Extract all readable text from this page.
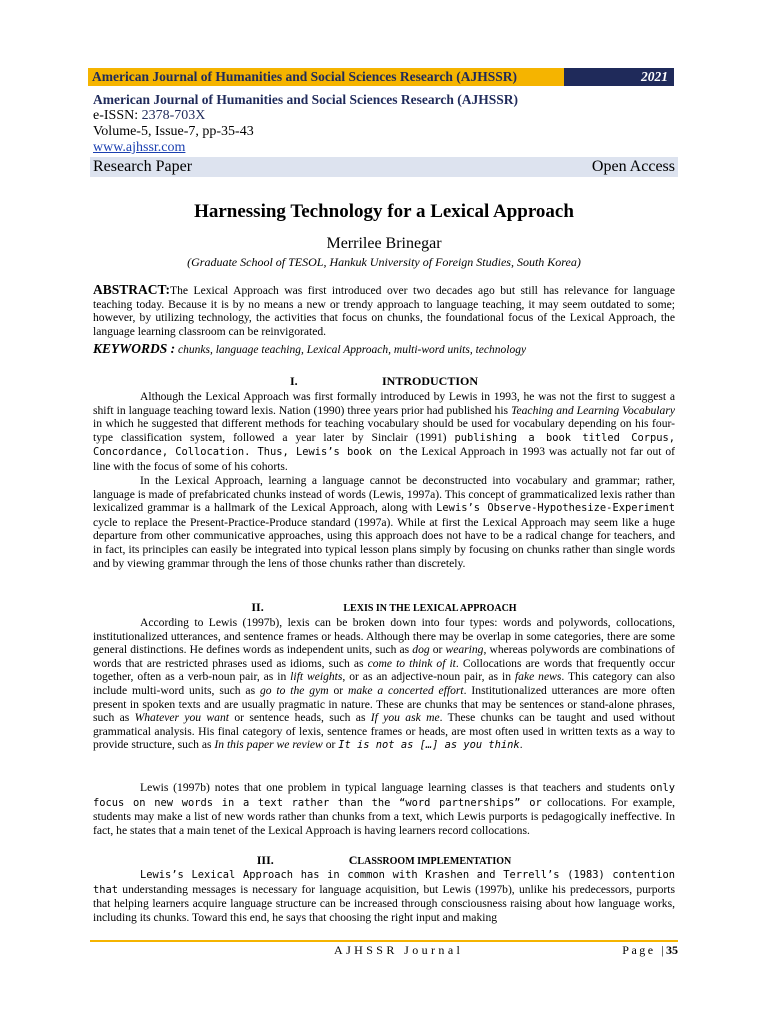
American Journal of Humanities and Social Sciences Research (AJHSSR)	2021
American Journal of Humanities and Social Sciences Research (AJHSSR)
e-ISSN: 2378-703X
Volume-5, Issue-7, pp-35-43
www.ajhssr.com
Research Paper	Open Access
Harnessing Technology for a Lexical Approach
Merrilee Brinegar
(Graduate School of TESOL, Hankuk University of Foreign Studies, South Korea)
ABSTRACT:The Lexical Approach was first introduced over two decades ago but still has relevance for language teaching today. Because it is by no means a new or trendy approach to language teaching, it may seem outdated to some; however, by utilizing technology, the activities that focus on chunks, the foundational focus of the Lexical Approach, the language learning classroom can be reinvigorated.
KEYWORDS : chunks, language teaching, Lexical Approach, multi-word units, technology
I.	INTRODUCTION
Although the Lexical Approach was first formally introduced by Lewis in 1993, he was not the first to suggest a shift in language teaching toward lexis. Nation (1990) three years prior had published his Teaching and Learning Vocabulary in which he suggested that different methods for teaching vocabulary should be used for vocabulary depending on his four-type classification system, followed a year later by Sinclair (1991) publishing a book titled Corpus, Concordance, Collocation. Thus, Lewis’s book on the Lexical Approach in 1993 was actually not far out of line with the focus of some of his cohorts.
In the Lexical Approach, learning a language cannot be deconstructed into vocabulary and grammar; rather, language is made of prefabricated chunks instead of words (Lewis, 1997a). This concept of grammaticalized lexis rather than lexicalized grammar is a hallmark of the Lexical Approach, along with Lewis’s Observe-Hypothesize-Experiment cycle to replace the Present-Practice-Produce standard (1997a). While at first the Lexical Approach may seem like a huge departure from other communicative approaches, using this approach does not have to be a radical change for teachers, and in fact, its principles can easily be integrated into typical lesson plans simply by focusing on chunks rather than single words and by viewing grammar through the lens of those chunks rather than discretely.
II.	LEXIS IN THE LEXICAL APPROACH
According to Lewis (1997b), lexis can be broken down into four types: words and polywords, collocations, institutionalized utterances, and sentence frames or heads. Although there may be overlap in some categories, there are some general distinctions. He defines words as independent units, such as dog or wearing, whereas polywords are combinations of words that are restricted phrases used as idioms, such as come to think of it. Collocations are words that frequently occur together, often as a verb-noun pair, as in lift weights, or as an adjective-noun pair, as in fake news. This category can also include multi-word units, such as go to the gym or make a concerted effort. Institutionalized utterances are more often present in spoken texts and are usually pragmatic in nature. These are chunks that may be sentences or stand-alone phrases, such as Whatever you want or sentence heads, such as If you ask me. These chunks can be taught and used without grammatical analysis. His final category of lexis, sentence frames or heads, are most often used in written texts as a way to provide structure, such as In this paper we review or It is not as […] as you think.
Lewis (1997b) notes that one problem in typical language learning classes is that teachers and students only focus on new words in a text rather than the “word partnerships” or collocations. For example, students may make a list of new words rather than chunks from a text, which Lewis purports is pedagogically ineffective. In fact, he states that a main tenet of the Lexical Approach is having learners record collocations.
III.	CLASSROOM IMPLEMENTATION
Lewis’s Lexical Approach has in common with Krashen and Terrell’s (1983) contention that understanding messages is necessary for language acquisition, but Lewis (1997b), unlike his predecessors, purports that helping learners acquire language structure can be increased through consciousness raising about how language works, including its chunks. Toward this end, he says that choosing the right input and making
AJHSSR Journal	Page |35
